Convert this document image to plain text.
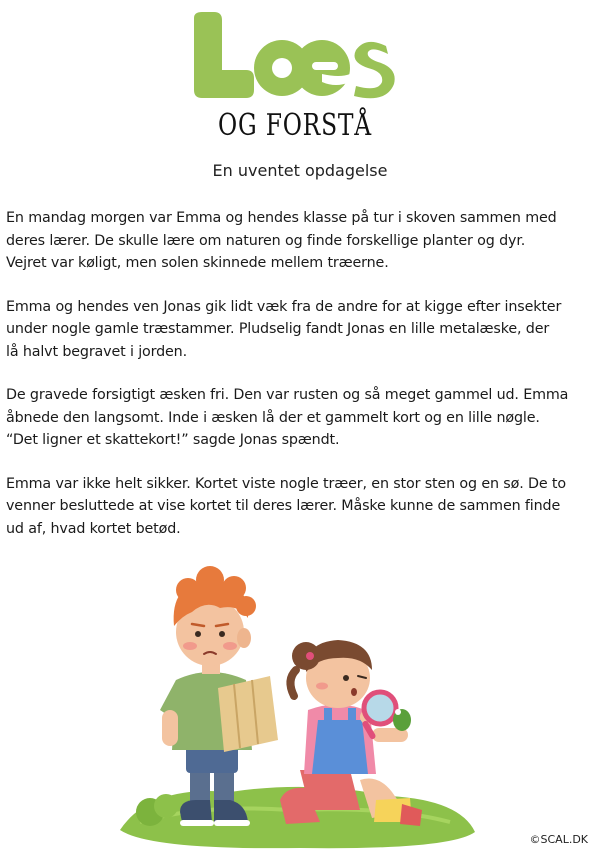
OG FORSTÅ
En uventet opdagelse

En mandag morgen var Emma og hendes klasse på tur i skoven sammen med
deres lærer. De skulle lære om naturen og finde forskellige planter og dyr.
Vejret var køligt, men solen skinnede mellem træerne.

Emma og hendes ven Jonas gik lidt væk fra de andre for at kigge efter insekter
under nogle gamle træstammer. Pludselig fandt Jonas en lille metalæske, der
lå halvt begravet i jorden.

De gravede forsigtigt æsken fri. Den var rusten og så meget gammel ud. Emma
åbnede den langsomt. Inde i æsken lå der et gammelt kort og en lille nøgle.
“Det ligner et skattekort!” sagde Jonas spændt.

Emma var ikke helt sikker. Kortet viste nogle træer, en stor sten og en sø. De to
venner besluttede at vise kortet til deres lærer. Måske kunne de sammen finde
ud af, hvad kortet betød.

©SCAL.DK
